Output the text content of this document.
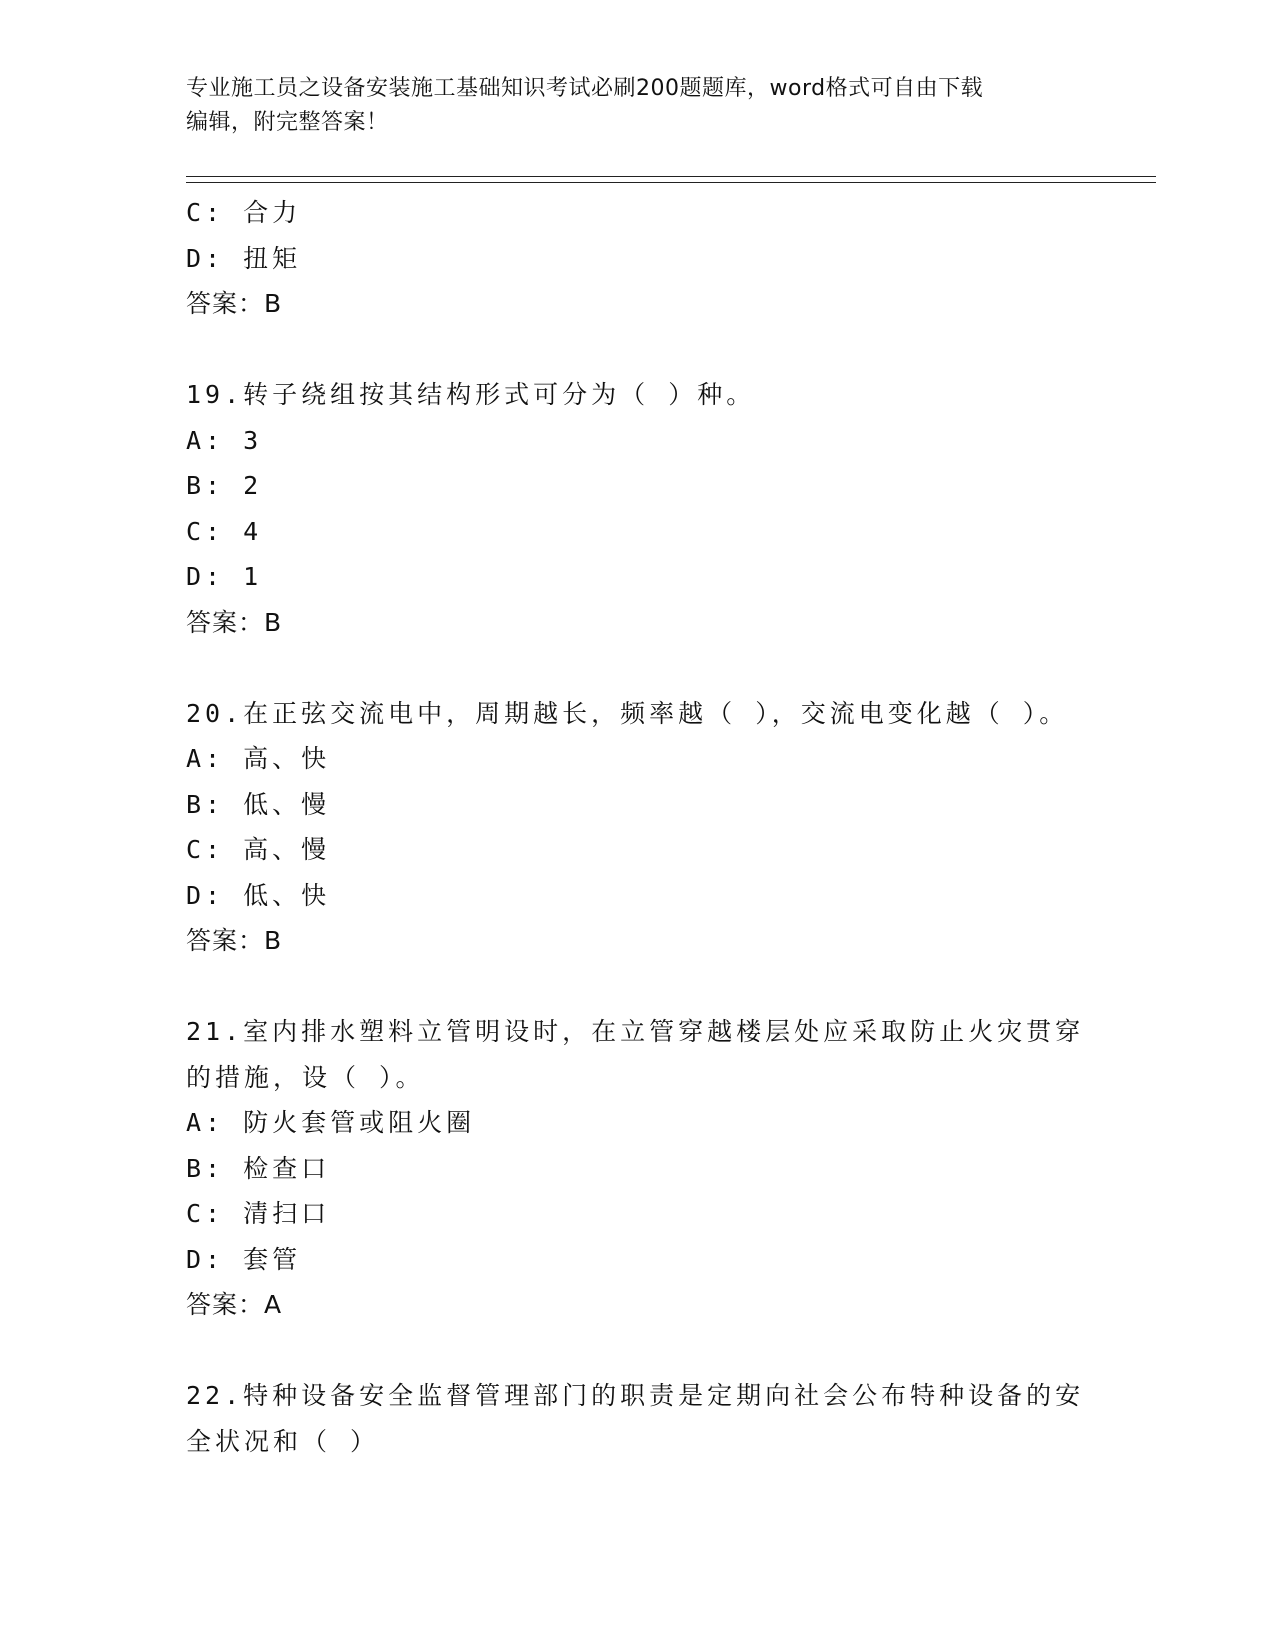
专业施工员之设备安装施工基础知识考试必刷200题题库，word格式可自由下载
编辑，附完整答案！
C: 合力
D: 扭矩
答案：B
19.转子绕组按其结构形式可分为（ ）种。
A: 3
B: 2
C: 4
D: 1
答案：B
20.在正弦交流电中，周期越长，频率越（ ），交流电变化越（ ）。
A: 高、快
B: 低、慢
C: 高、慢
D: 低、快
答案：B
21.室内排水塑料立管明设时，在立管穿越楼层处应采取防止火灾贯穿
的措施，设（ ）。
A: 防火套管或阻火圈
B: 检查口
C: 清扫口
D: 套管
答案：A
22.特种设备安全监督管理部门的职责是定期向社会公布特种设备的安
全状况和（ ）
